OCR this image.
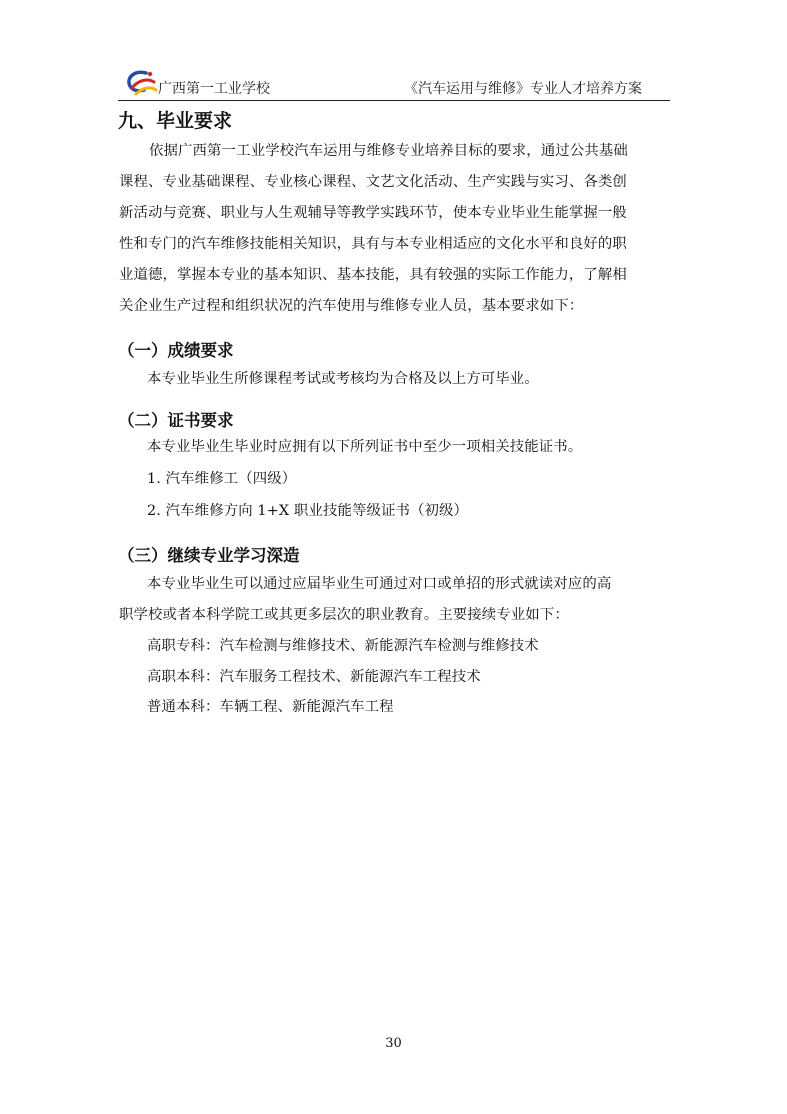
广西第一工业学校	《汽车运用与维修》专业人才培养方案
九、毕业要求
依据广西第一工业学校汽车运用与维修专业培养目标的要求，通过公共基础
课程、专业基础课程、专业核心课程、文艺文化活动、生产实践与实习、各类创
新活动与竞赛、职业与人生观辅导等教学实践环节，使本专业毕业生能掌握一般
性和专门的汽车维修技能相关知识，具有与本专业相适应的文化水平和良好的职
业道德，掌握本专业的基本知识、基本技能，具有较强的实际工作能力，了解相
关企业生产过程和组织状况的汽车使用与维修专业人员，基本要求如下：
（一）成绩要求
本专业毕业生所修课程考试或考核均为合格及以上方可毕业。
（二）证书要求
本专业毕业生毕业时应拥有以下所列证书中至少一项相关技能证书。
1. 汽车维修工（四级）
2. 汽车维修方向 1+X 职业技能等级证书（初级）
（三）继续专业学习深造
本专业毕业生可以通过应届毕业生可通过对口或单招的形式就读对应的高
职学校或者本科学院工或其更多层次的职业教育。主要接续专业如下：
高职专科：汽车检测与维修技术、新能源汽车检测与维修技术
高职本科：汽车服务工程技术、新能源汽车工程技术
普通本科：车辆工程、新能源汽车工程
30
